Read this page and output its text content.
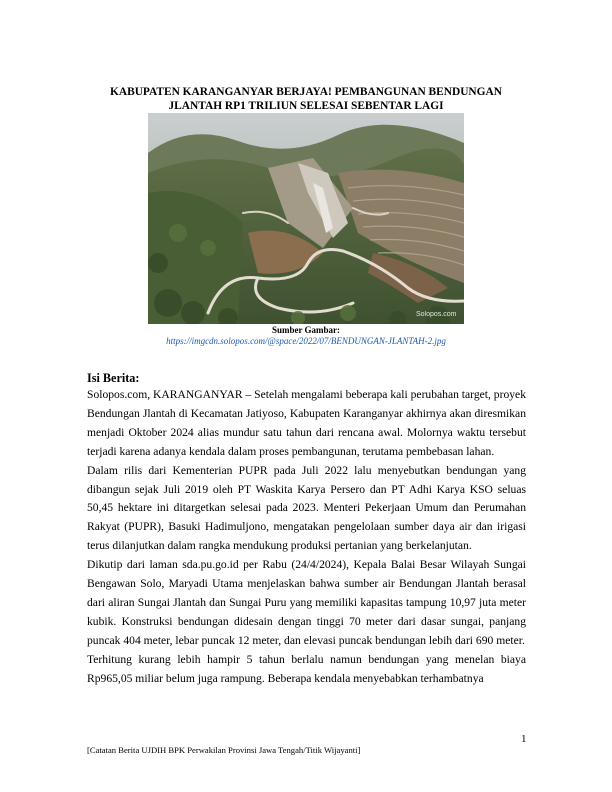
KABUPATEN KARANGANYAR BERJAYA! PEMBANGUNAN BENDUNGAN
JLANTAH RP1 TRILIUN SELESAI SEBENTAR LAGI
Solopos.com
Sumber Gambar:
https://imgcdn.solopos.com/@space/2022/07/BENDUNGAN-JLANTAH-2.jpg
Isi Berita:

Solopos.com, KARANGANYAR – Setelah mengalami beberapa kali perubahan target, proyek Bendungan Jlantah di Kecamatan Jatiyoso, Kabupaten Karanganyar akhirnya akan diresmikan menjadi Oktober 2024 alias mundur satu tahun dari rencana awal. Molornya waktu tersebut terjadi karena adanya kendala dalam proses pembangunan, terutama pembebasan lahan.

Dalam rilis dari Kementerian PUPR pada Juli 2022 lalu menyebutkan bendungan yang dibangun sejak Juli 2019 oleh PT Waskita Karya Persero dan PT Adhi Karya KSO seluas 50,45 hektare ini ditargetkan selesai pada 2023. Menteri Pekerjaan Umum dan Perumahan Rakyat (PUPR), Basuki Hadimuljono, mengatakan pengelolaan sumber daya air dan irigasi terus dilanjutkan dalam rangka mendukung produksi pertanian yang berkelanjutan.

Dikutip dari laman sda.pu.go.id per Rabu (24/4/2024), Kepala Balai Besar Wilayah Sungai Bengawan Solo, Maryadi Utama menjelaskan bahwa sumber air Bendungan Jlantah berasal dari aliran Sungai Jlantah dan Sungai Puru yang memiliki kapasitas tampung 10,97 juta meter kubik. Konstruksi bendungan didesain dengan tinggi 70 meter dari dasar sungai, panjang puncak 404 meter, lebar puncak 12 meter, dan elevasi puncak bendungan lebih dari 690 meter.

Terhitung kurang lebih hampir 5 tahun berlalu namun bendungan yang menelan biaya Rp965,05 miliar belum juga rampung. Beberapa kendala menyebabkan terhambatnya

1
[Catatan Berita UJDIH BPK Perwakilan Provinsi Jawa Tengah/Titik Wijayanti]
